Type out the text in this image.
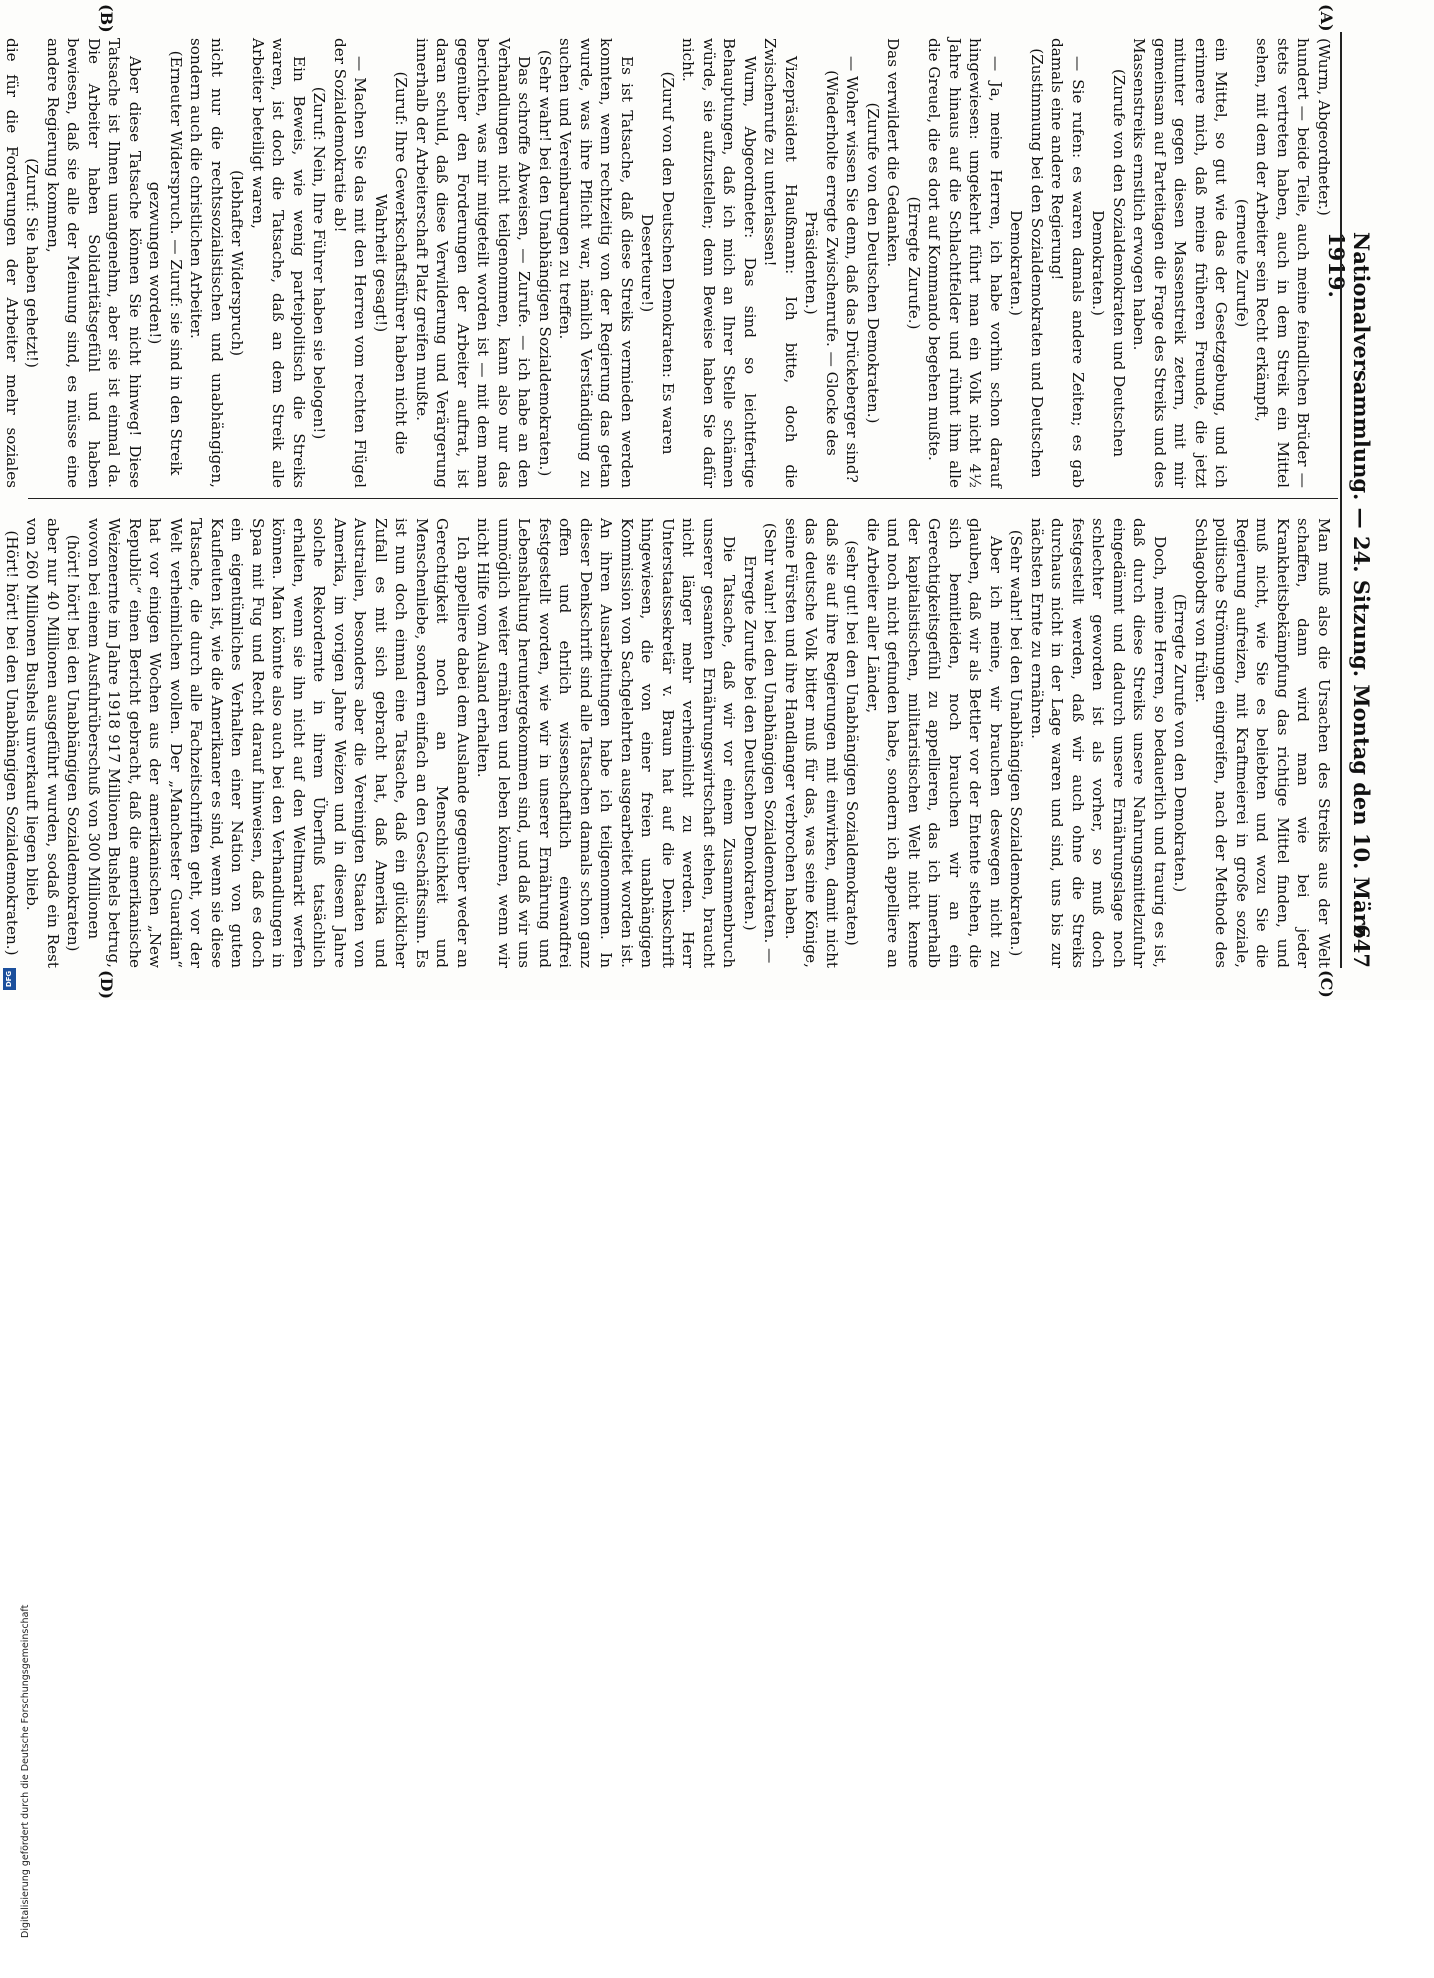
Nationalversammlung. — 24. Sitzung. Montag den 10. März 1919.
647
(A)
(B)
(C)
(D)

(Wurm, Abgeordneter.)

hundert — beide Teile, auch meine feindlichen Brüder — stets vertreten haben, auch in dem Streik ein Mittel sehen, mit dem der Arbeiter sein Recht erkämpft,

(erneute Zurufe)

ein Mittel, so gut wie das der Gesetzgebung, und ich erinnere mich, daß meine früheren Freunde, die jetzt mitunter gegen diesen Massenstreik zetern, mit mir gemeinsam auf Parteitagen die Frage des Streiks und des Massenstreiks ernstlich erwogen haben.

(Zurufe von den Sozialdemokraten und Deutschen Demokraten.)

— Sie rufen: es waren damals andere Zeiten; es gab damals eine andere Regierung!

(Zustimmung bei den Sozialdemokraten und Deutschen Demokraten.)

— Ja, meine Herren, ich habe vorhin schon darauf hingewiesen: umgekehrt führt man ein Volk nicht 4½ Jahre hinaus auf die Schlachtfelder und rühmt ihm alle die Greuel, die es dort auf Kommando begehen mußte.

(Erregte Zurufe.)

Das verwildert die Gedanken.

(Zurufe von den Deutschen Demokraten.)

— Woher wissen Sie denn, daß das Drückeberger sind?

(Wiederholte erregte Zwischenrufe. — Glocke des Präsidenten.)

Vizepräsident Haußmann: Ich bitte, doch die Zwischenrufe zu unterlassen!

Wurm, Abgeordneter: Das sind so leichtfertige Behauptungen, daß ich mich an Ihrer Stelle schämen würde, sie aufzustellen; denn Beweise haben Sie dafür nicht.

(Zuruf von den Deutschen Demokraten: Es waren Deserteure!)

Es ist Tatsache, daß diese Streiks vermieden werden konnten, wenn rechtzeitig von der Regierung das getan wurde, was ihre Pflicht war, nämlich Verständigung zu suchen und Vereinbarungen zu treffen.

(Sehr wahr! bei den Unabhängigen Sozialdemokraten.)

Das schroffe Abweisen, — Zurufe. — ich habe an den Verhandlungen nicht teilgenommen, kann also nur das berichten, was mir mitgeteilt worden ist — mit dem man gegenüber den Forderungen der Arbeiter auftrat, ist daran schuld, daß diese Verwilderung und Verärgerung innerhalb der Arbeiterschaft Platz greifen mußte.

(Zuruf: Ihre Gewerkschaftsführer haben nicht die Wahrheit gesagt!)

— Machen Sie das mit den Herren vom rechten Flügel der Sozialdemokratie ab!

(Zuruf: Nein, Ihre Führer haben sie belogen!)

Ein Beweis, wie wenig parteipolitisch die Streiks waren, ist doch die Tatsache, daß an dem Streik alle Arbeiter beteiligt waren,

(lebhafter Widerspruch)

nicht nur die rechtssozialistischen und unabhängigen, sondern auch die christlichen Arbeiter.

(Erneuter Widerspruch. — Zuruf: sie sind in den Streik gezwungen worden!)

Aber diese Tatsache können Sie nicht hinweg! Diese Tatsache ist Ihnen unangenehm, aber sie ist einmal da. Die Arbeiter haben Solidaritätsgefühl und haben bewiesen, daß sie alle der Meinung sind, es müsse eine andere Regierung kommen,

(Zuruf: Sie haben gehetzt!)

die für die Forderungen der Arbeiter mehr soziales

Man muß also die Ursachen des Streiks aus der Welt schaffen, dann wird man wie bei jeder Krankheitsbekämpfung das richtige Mittel finden, und muß nicht, wie Sie es beliebten und wozu Sie die Regierung aufreizen, mit Kraftmeierei in große soziale, politische Strömungen eingreifen, nach der Methode des Schlagobdrs von früher.

(Erregte Zurufe von den Demokraten.)

Doch, meine Herren, so bedauerlich und traurig es ist, daß durch diese Streiks unsere Nahrungsmittelzufuhr eingedämmt und dadurch unsere Ernährungslage noch schlechter geworden ist als vorher, so muß doch festgestellt werden, daß wir auch ohne die Streiks durchaus nicht in der Lage waren und sind, uns bis zur nächsten Ernte zu ernähren.

(Sehr wahr! bei den Unabhängigen Sozialdemokraten.)

Aber ich meine, wir brauchen deswegen nicht zu glauben, daß wir als Bettler vor der Entente stehen, die sich bemitleiden, noch brauchen wir an ein Gerechtigkeitsgefühl zu appellieren, das ich innerhalb der kapitalistischen, militaristischen Welt nicht kenne und noch nicht gefunden habe, sondern ich appelliere an die Arbeiter aller Länder,

(sehr gut! bei den Unabhängigen Sozialdemokraten)

daß sie auf ihre Regierungen mit einwirken, damit nicht das deutsche Volk bitter muß für das, was seine Könige, seine Fürsten und ihre Handlanger verbrochen haben.

(Sehr wahr! bei den Unabhängigen Sozialdemokraten. — Erregte Zurufe bei den Deutschen Demokraten.)

Die Tatsache, daß wir vor einem Zusammenbruch unserer gesamten Ernährungswirtschaft stehen, braucht nicht länger mehr verheimlicht zu werden. Herr Unterstaatssekretär v. Braun hat auf die Denkschrift hingewiesen, die von einer freien unabhängigen Kommission von Sachgelehrten ausgearbeitet worden ist. An ihren Ausarbeitungen habe ich teilgenommen. In dieser Denkschrift sind alle Tatsachen damals schon ganz offen und ehrlich wissenschaftlich einwandfrei festgestellt worden, wie wir in unserer Ernährung und Lebenshaltung heruntergekommen sind, und daß wir uns unmöglich weiter ernähren und leben können, wenn wir nicht Hilfe vom Ausland erhalten.

Ich appelliere dabei dem Auslande gegenüber weder an Gerechtigkeit noch an Menschlichkeit und Menschenliebe, sondern einfach an den Geschäftssinn. Es ist nun doch einmal eine Tatsache, daß ein glücklicher Zufall es mit sich gebracht hat, daß Amerika und Australien, besonders aber die Vereinigten Staaten von Amerika, im vorigen Jahre Weizen und in diesem Jahre solche Rekordernte in ihrem Überfluß tatsächlich erhalten, wenn sie ihn nicht auf den Weltmarkt werfen können. Man könnte also auch bei den Verhandlungen in Spaa mit Fug und Recht darauf hinweisen, daß es doch ein eigentümliches Verhalten einer Nation von guten Kaufleuten ist, wie die Amerikaner es sind, wenn sie diese Tatsache, die durch alle Fachzeitschriften geht, vor der Welt verheimlichen wollen. Der „Manchester Guardian“ hat vor einigen Wochen aus der amerikanischen „New Republic“ einen Bericht gebracht, daß die amerikanische Weizenernte im Jahre 1918 917 Millionen Bushels betrug, wovon bei einem Ausfuhrüberschuß von 300 Millionen

(hört! hört! bei den Unabhängigen Sozialdemokraten)

aber nur 40 Millionen ausgeführt wurden, sodaß ein Rest von 260 Millionen Bushels unverkauft liegen blieb.

(Hört! hört! bei den Unabhängigen Sozialdemokraten.)

Digitalisierung gefördert durch die Deutsche Forschungsgemeinschaft
DFG
